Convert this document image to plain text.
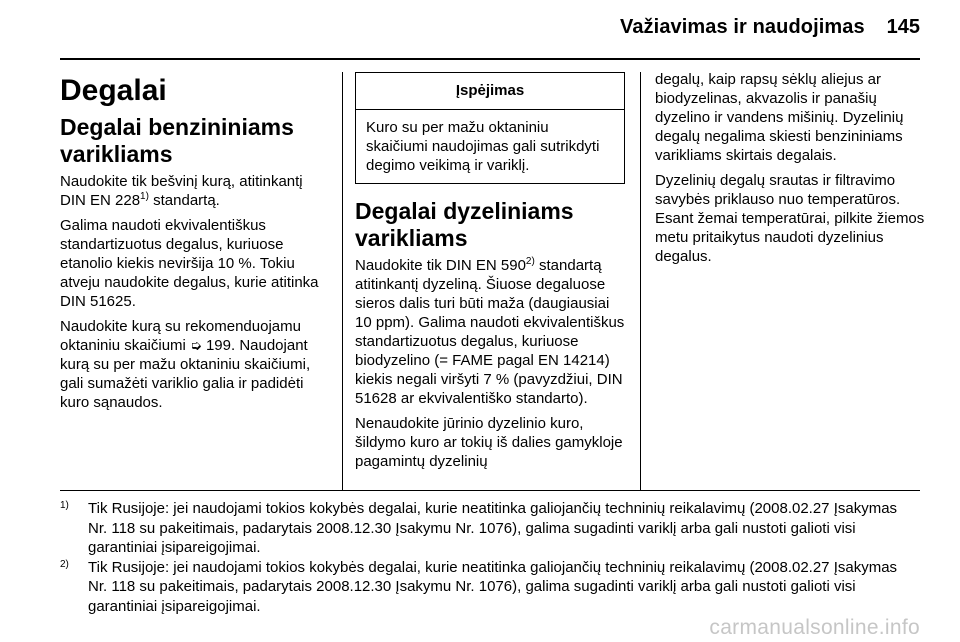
Važiavimas ir naudojimas 145
Degalai
Degalai benzininiams varikliams

Naudokite tik bešvinį kurą, atitinkantį DIN EN 228$^{1)}$ standartą.

Galima naudoti ekvivalentiškus standartizuotus degalus, kuriuose etanolio kiekis neviršija 10 %. Tokiu atveju naudokite degalus, kurie atitinka DIN 51625.

Naudokite kurą su rekomenduojamu oktaniniu skaičiumi ➭ 199. Naudojant kurą su per mažu oktaniniu skaičiumi, gali sumažėti variklio galia ir padidėti kuro sąnaudos.

Įspėjimas
Kuro su per mažu oktaniniu skaičiumi naudojimas gali sutrikdyti degimo veikimą ir variklį.
Degalai dyzeliniams varikliams

Naudokite tik DIN EN 590$^{2)}$ standartą atitinkantį dyzeliną. Šiuose degaluose sieros dalis turi būti maža (daugiausiai 10 ppm). Galima naudoti ekvivalentiškus standartizuotus degalus, kuriuose biodyzelino (= FAME pagal EN 14214) kiekis negali viršyti 7 % (pavyzdžiui, DIN 51628 ar ekvivalentiško standarto).

Nenaudokite jūrinio dyzelinio kuro, šildymo kuro ar tokių iš dalies gamykloje pagamintų dyzelinių

degalų, kaip rapsų sėklų aliejus ar biodyzelinas, akvazolis ir panašių dyzelino ir vandens mišinių. Dyzelinių degalų negalima skiesti benzininiams varikliams skirtais degalais.

Dyzelinių degalų srautas ir filtravimo savybės priklauso nuo temperatūros. Esant žemai temperatūrai, pilkite žiemos metu pritaikytus naudoti dyzelinius degalus.

1) Tik Rusijoje: jei naudojami tokios kokybės degalai, kurie neatitinka galiojančių techninių reikalavimų (2008.02.27 Įsakymas Nr. 118 su pakeitimais, padarytais 2008.12.30 Įsakymu Nr. 1076), galima sugadinti variklį arba gali nustoti galioti visi garantiniai įsipareigojimai.

2) Tik Rusijoje: jei naudojami tokios kokybės degalai, kurie neatitinka galiojančių techninių reikalavimų (2008.02.27 Įsakymas Nr. 118 su pakeitimais, padarytais 2008.12.30 Įsakymu Nr. 1076), galima sugadinti variklį arba gali nustoti galioti visi garantiniai įsipareigojimai.

carmanualsonline.info
